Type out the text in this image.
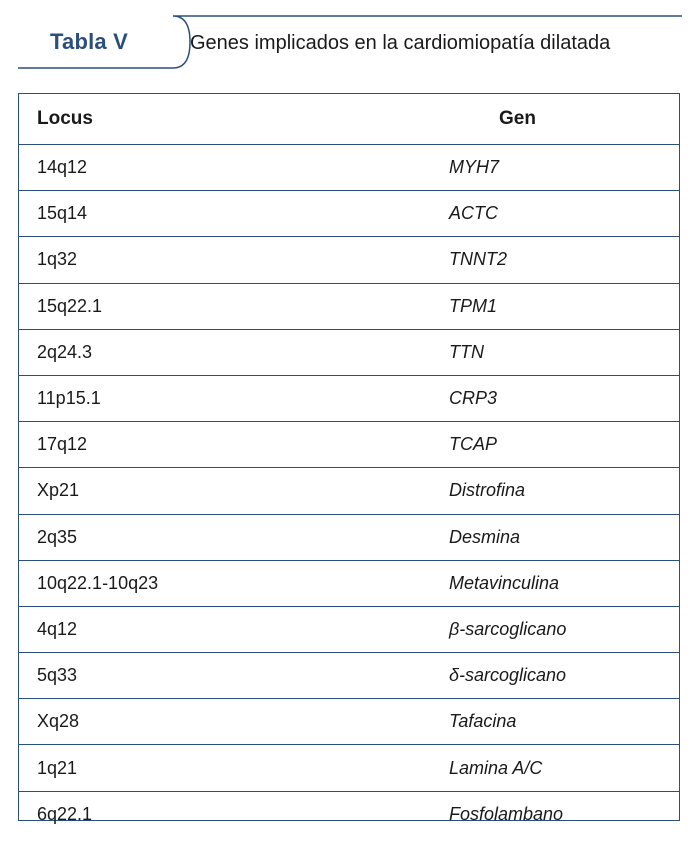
Tabla V	Genes implicados en la cardiomiopatía dilatada
Locus	Gen
14q12	MYH7
15q14	ACTC
1q32	TNNT2
15q22.1	TPM1
2q24.3	TTN
11p15.1	CRP3
17q12	TCAP
Xp21	Distrofina
2q35	Desmina
10q22.1-10q23	Metavinculina
4q12	β-sarcoglicano
5q33	δ-sarcoglicano
Xq28	Tafacina
1q21	Lamina A/C
6q22.1	Fosfolambano
